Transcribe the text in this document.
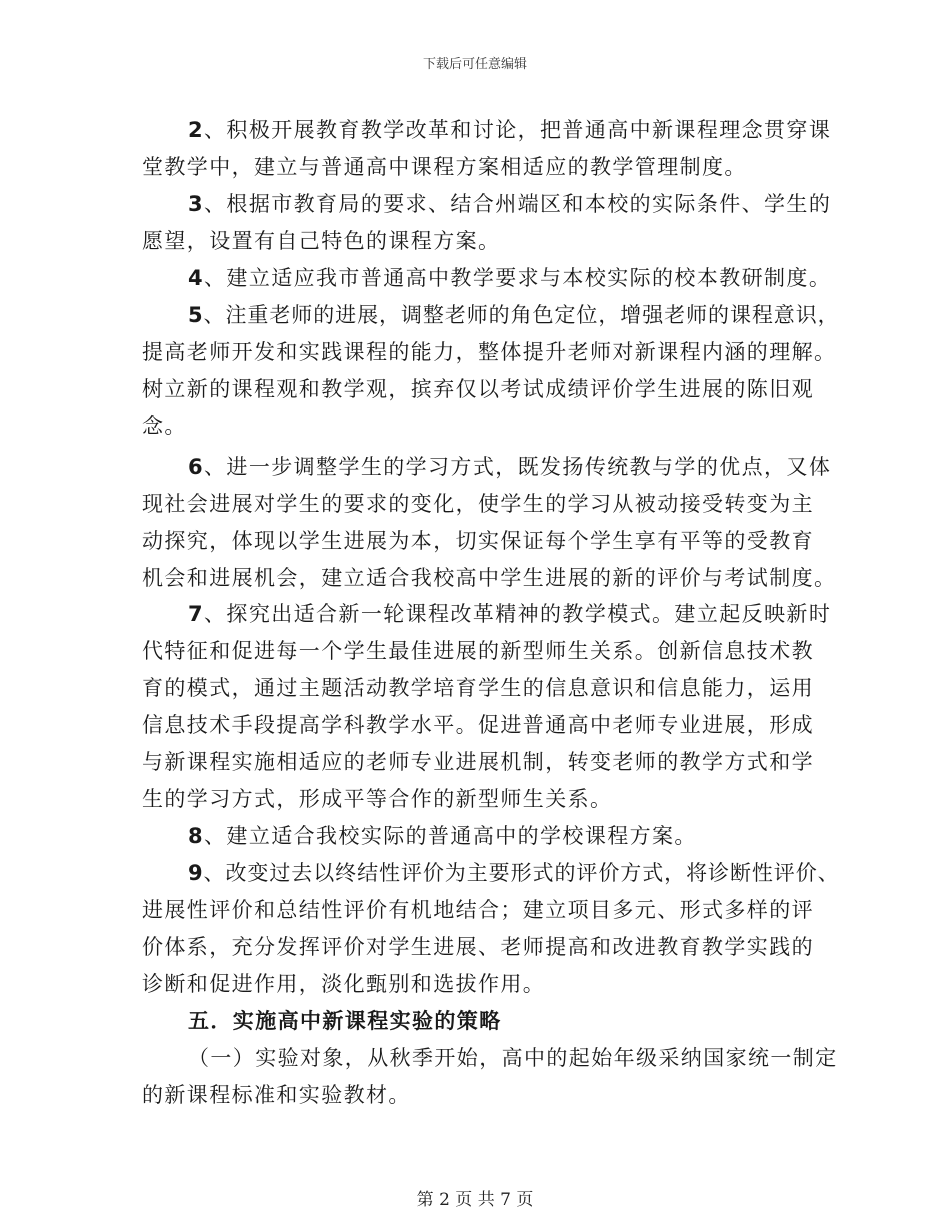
下载后可任意编辑
2、积极开展教育教学改革和讨论，把普通高中新课程理念贯穿课
堂教学中，建立与普通高中课程方案相适应的教学管理制度。
3、根据市教育局的要求、结合州端区和本校的实际条件、学生的
愿望，设置有自己特色的课程方案。
4、建立适应我市普通高中教学要求与本校实际的校本教研制度。
5、注重老师的进展，调整老师的角色定位，增强老师的课程意识，
提高老师开发和实践课程的能力，整体提升老师对新课程内涵的理解。
树立新的课程观和教学观，摈弃仅以考试成绩评价学生进展的陈旧观
念。
6、进一步调整学生的学习方式，既发扬传统教与学的优点，又体
现社会进展对学生的要求的变化，使学生的学习从被动接受转变为主
动探究，体现以学生进展为本，切实保证每个学生享有平等的受教育
机会和进展机会，建立适合我校高中学生进展的新的评价与考试制度。
7、探究出适合新一轮课程改革精神的教学模式。建立起反映新时
代特征和促进每一个学生最佳进展的新型师生关系。创新信息技术教
育的模式，通过主题活动教学培育学生的信息意识和信息能力，运用
信息技术手段提高学科教学水平。促进普通高中老师专业进展，形成
与新课程实施相适应的老师专业进展机制，转变老师的教学方式和学
生的学习方式，形成平等合作的新型师生关系。
8、建立适合我校实际的普通高中的学校课程方案。
9、改变过去以终结性评价为主要形式的评价方式，将诊断性评价、
进展性评价和总结性评价有机地结合；建立项目多元、形式多样的评
价体系，充分发挥评价对学生进展、老师提高和改进教育教学实践的
诊断和促进作用，淡化甄别和选拔作用。
五．实施高中新课程实验的策略
（一）实验对象，从秋季开始，高中的起始年级采纳国家统一制定
的新课程标准和实验教材。
第 2 页 共 7 页
